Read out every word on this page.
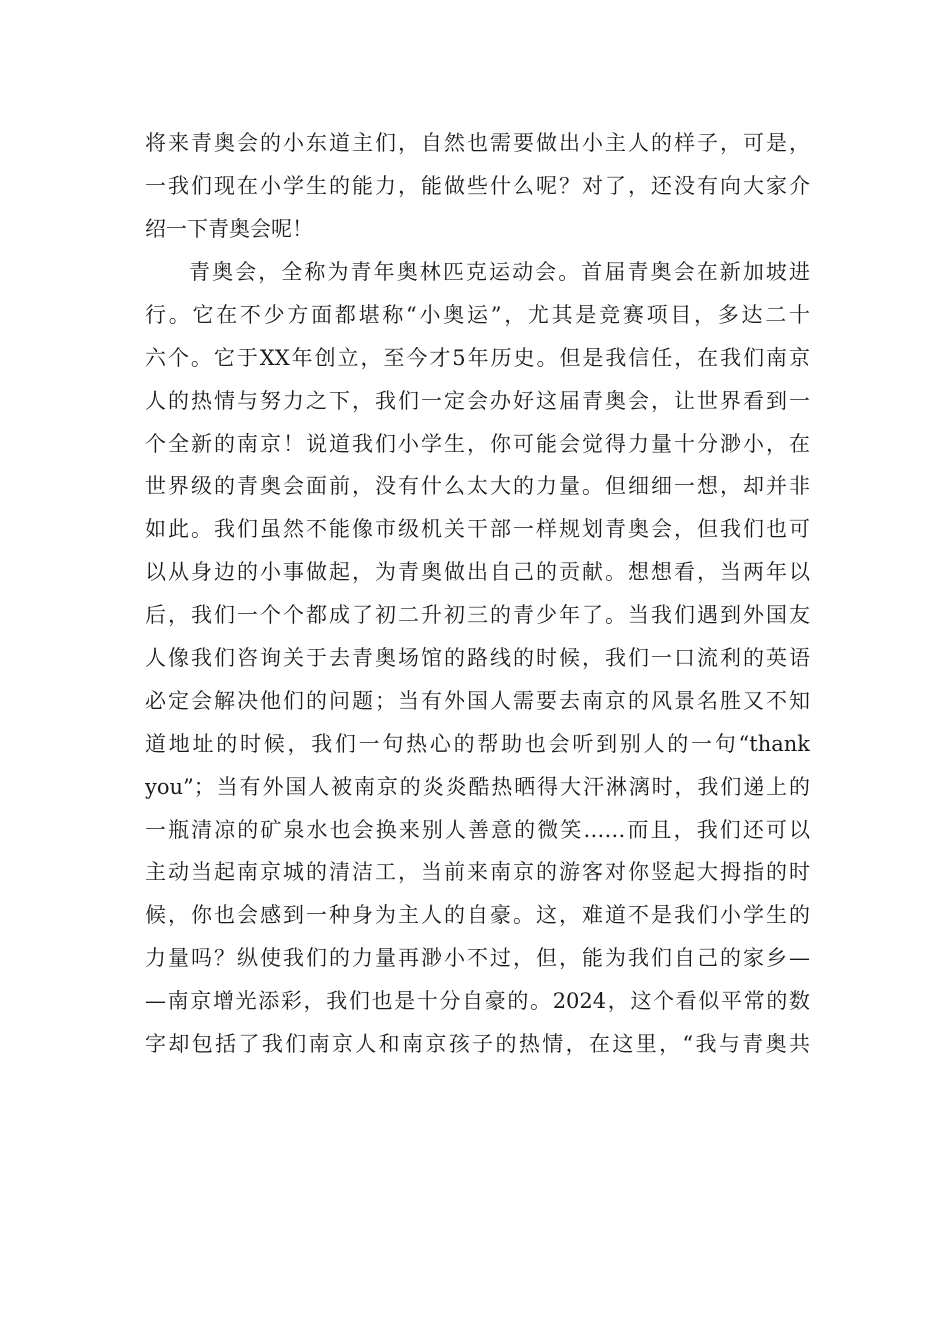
将来青奥会的小东道主们，自然也需要做出小主人的样子，可是，
一我们现在小学生的能力，能做些什么呢？对了，还没有向大家介
绍一下青奥会呢！
青奥会，全称为青年奥林匹克运动会。首届青奥会在新加坡进
行。它在不少方面都堪称“小奥运”，尤其是竞赛项目，多达二十
六个。它于XX年创立，至今才5年历史。但是我信任，在我们南京
人的热情与努力之下，我们一定会办好这届青奥会，让世界看到一
个全新的南京！说道我们小学生，你可能会觉得力量十分渺小，在
世界级的青奥会面前，没有什么太大的力量。但细细一想，却并非
如此。我们虽然不能像市级机关干部一样规划青奥会，但我们也可
以从身边的小事做起，为青奥做出自己的贡献。想想看，当两年以
后，我们一个个都成了初二升初三的青少年了。当我们遇到外国友
人像我们咨询关于去青奥场馆的路线的时候，我们一口流利的英语
必定会解决他们的问题；当有外国人需要去南京的风景名胜又不知
道地址的时候，我们一句热心的帮助也会听到别人的一句“thank
you”；当有外国人被南京的炎炎酷热晒得大汗淋漓时，我们递上的
一瓶清凉的矿泉水也会换来别人善意的微笑……而且，我们还可以
主动当起南京城的清洁工，当前来南京的游客对你竖起大拇指的时
候，你也会感到一种身为主人的自豪。这，难道不是我们小学生的
力量吗？纵使我们的力量再渺小不过，但，能为我们自己的家乡—
—南京增光添彩，我们也是十分自豪的。2024，这个看似平常的数
字却包括了我们南京人和南京孩子的热情，在这里，“我与青奥共
